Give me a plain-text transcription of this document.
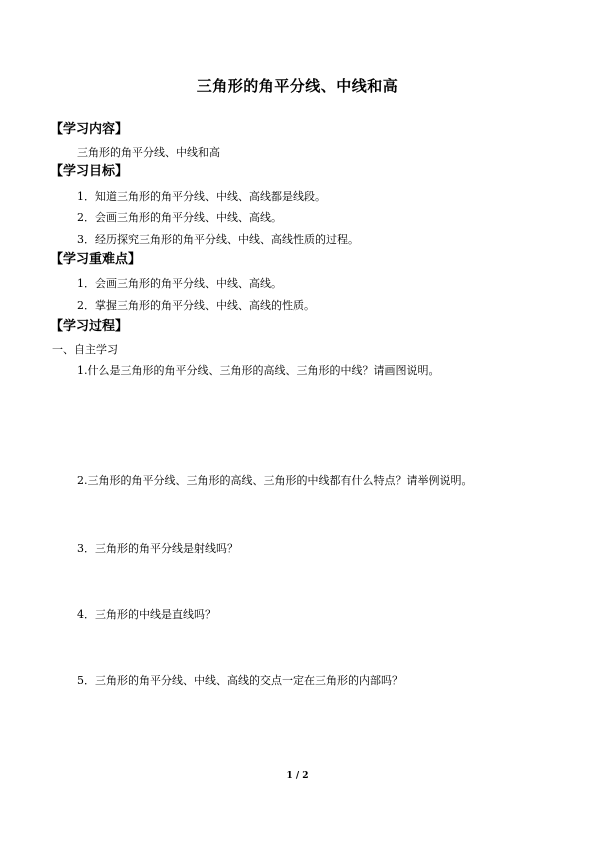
三角形的角平分线、中线和高
【学习内容】
三角形的角平分线、中线和高
【学习目标】
1．知道三角形的角平分线、中线、高线都是线段。
2．会画三角形的角平分线、中线、高线。
3．经历探究三角形的角平分线、中线、高线性质的过程。
【学习重难点】
1．会画三角形的角平分线、中线、高线。
2．掌握三角形的角平分线、中线、高线的性质。
【学习过程】
一、自主学习
1.什么是三角形的角平分线、三角形的高线、三角形的中线？请画图说明。
2.三角形的角平分线、三角形的高线、三角形的中线都有什么特点？请举例说明。
3．三角形的角平分线是射线吗？
4．三角形的中线是直线吗？
5．三角形的角平分线、中线、高线的交点一定在三角形的内部吗？
1 / 2
